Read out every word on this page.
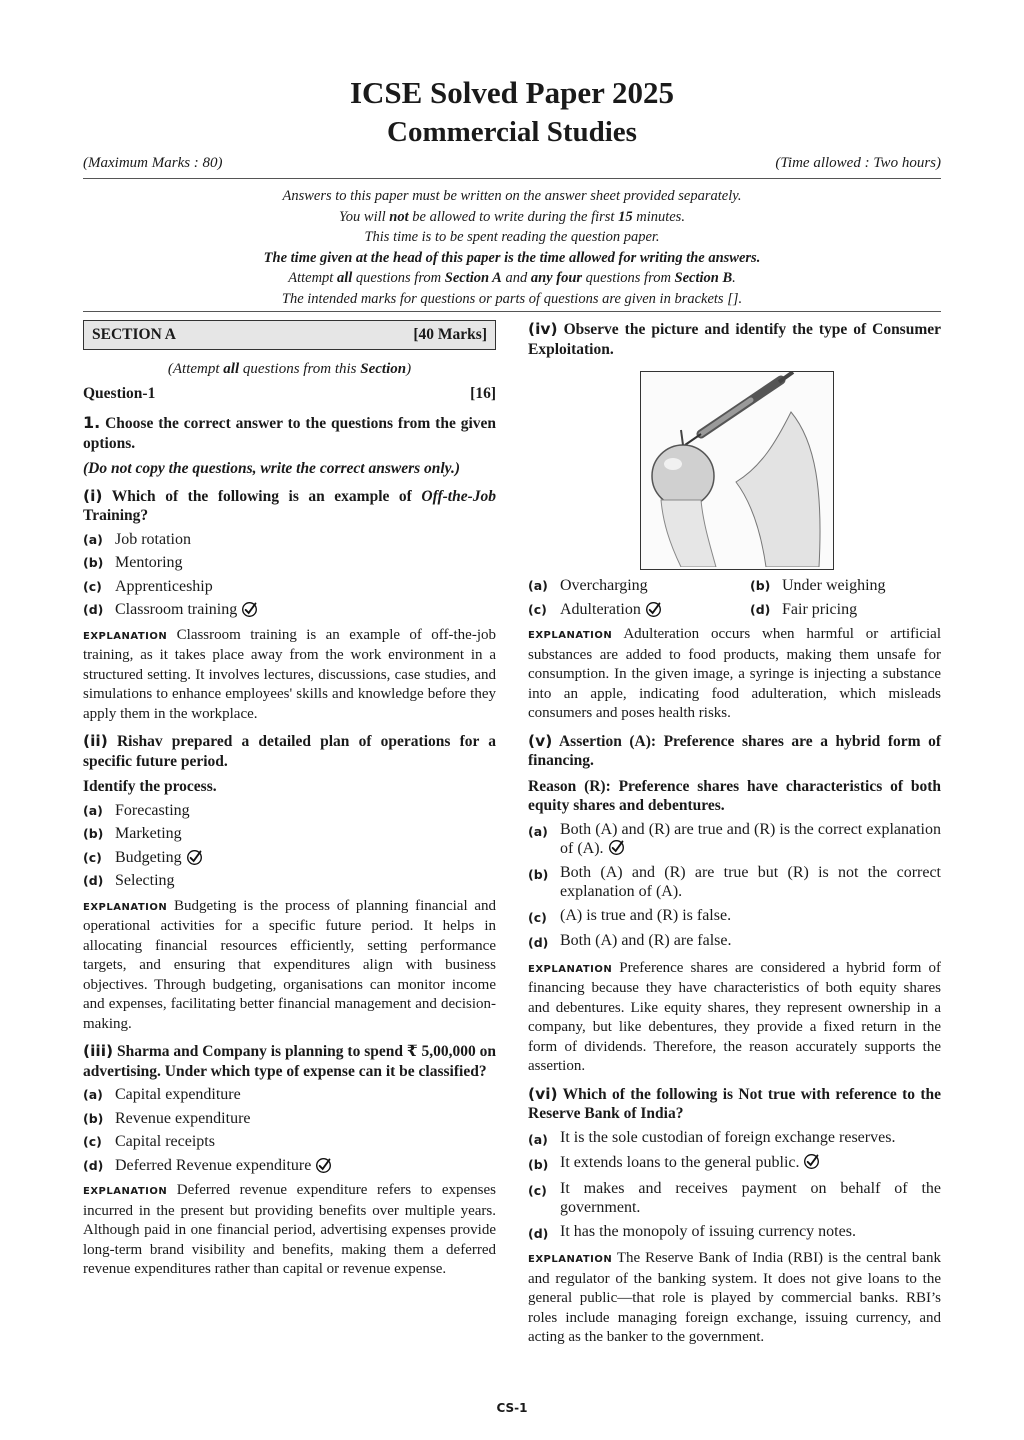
ICSE Solved Paper 2025
Commercial Studies
(Maximum Marks : 80)	(Time allowed : Two hours)

Answers to this paper must be written on the answer sheet provided separately.

You will not be allowed to write during the first 15 minutes.

This time is to be spent reading the question paper.

The time given at the head of this paper is the time allowed for writing the answers.

Attempt all questions from Section A and any four questions from Section B.

The intended marks for questions or parts of questions are given in brackets [].

SECTION A	[40 Marks]
(Attempt all questions from this Section)
Question-1	[16]
1. Choose the correct answer to the questions from the given options.
(Do not copy the questions, write the correct answers only.)
(i) Which of the following is an example of Off-the-Job Training?
(a) Job rotation
(b) Mentoring
(c) Apprenticeship
(d) Classroom training
EXPLANATION Classroom training is an example of off-the-job training, as it takes place away from the work environment in a structured setting. It involves lectures, discussions, case studies, and simulations to enhance employees' skills and knowledge before they apply them in the workplace.
(ii) Rishav prepared a detailed plan of operations for a specific future period.
Identify the process.
(a) Forecasting
(b) Marketing
(c) Budgeting
(d) Selecting
EXPLANATION Budgeting is the process of planning financial and operational activities for a specific future period. It helps in allocating financial resources efficiently, setting performance targets, and ensuring that expenditures align with business objectives. Through budgeting, organisations can monitor income and expenses, facilitating better financial management and decision-making.
(iii) Sharma and Company is planning to spend ₹ 5,00,000 on advertising. Under which type of expense can it be classified?
(a) Capital expenditure
(b) Revenue expenditure
(c) Capital receipts
(d) Deferred Revenue expenditure
EXPLANATION Deferred revenue expenditure refers to expenses incurred in the present but providing benefits over multiple years. Although paid in one financial period, advertising expenses provide long-term brand visibility and benefits, making them a deferred revenue expenditures rather than capital or revenue expense.
(iv) Observe the picture and identify the type of Consumer Exploitation.
(a) Overcharging	(b) Under weighing
(c) Adulteration	(d) Fair pricing
EXPLANATION Adulteration occurs when harmful or artificial substances are added to food products, making them unsafe for consumption. In the given image, a syringe is injecting a substance into an apple, indicating food adulteration, which misleads consumers and poses health risks.
(v) Assertion (A): Preference shares are a hybrid form of financing.
Reason (R): Preference shares have characteristics of both equity shares and debentures.
(a) Both (A) and (R) are true and (R) is the correct explanation of (A).
(b) Both (A) and (R) are true but (R) is not the correct explanation of (A).
(c) (A) is true and (R) is false.
(d) Both (A) and (R) are false.
EXPLANATION Preference shares are considered a hybrid form of financing because they have characteristics of both equity shares and debentures. Like equity shares, they represent ownership in a company, but like debentures, they provide a fixed return in the form of dividends. Therefore, the reason accurately supports the assertion.
(vi) Which of the following is Not true with reference to the Reserve Bank of India?
(a) It is the sole custodian of foreign exchange reserves.
(b) It extends loans to the general public.
(c) It makes and receives payment on behalf of the government.
(d) It has the monopoly of issuing currency notes.
EXPLANATION The Reserve Bank of India (RBI) is the central bank and regulator of the banking system. It does not give loans to the general public—that role is played by commercial banks. RBI’s roles include managing foreign exchange, issuing currency, and acting as the banker to the government.
CS-1
